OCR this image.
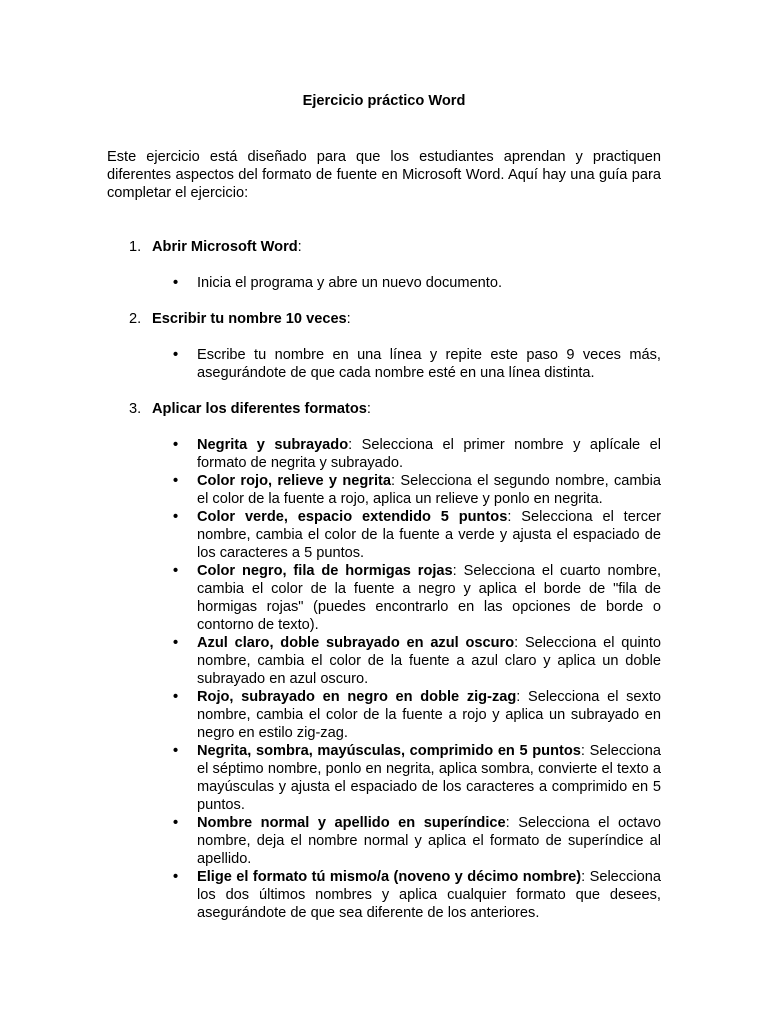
Ejercicio práctico Word

Este ejercicio está diseñado para que los estudiantes aprendan y practiquen diferentes aspectos del formato de fuente en Microsoft Word. Aquí hay una guía para completar el ejercicio:

1. Abrir Microsoft Word:

• Inicia el programa y abre un nuevo documento.

2. Escribir tu nombre 10 veces:

• Escribe tu nombre en una línea y repite este paso 9 veces más, asegurándote de que cada nombre esté en una línea distinta.

3. Aplicar los diferentes formatos:

• Negrita y subrayado: Selecciona el primer nombre y aplícale el formato de negrita y subrayado.
• Color rojo, relieve y negrita: Selecciona el segundo nombre, cambia el color de la fuente a rojo, aplica un relieve y ponlo en negrita.
• Color verde, espacio extendido 5 puntos: Selecciona el tercer nombre, cambia el color de la fuente a verde y ajusta el espaciado de los caracteres a 5 puntos.
• Color negro, fila de hormigas rojas: Selecciona el cuarto nombre, cambia el color de la fuente a negro y aplica el borde de "fila de hormigas rojas" (puedes encontrarlo en las opciones de borde o contorno de texto).
• Azul claro, doble subrayado en azul oscuro: Selecciona el quinto nombre, cambia el color de la fuente a azul claro y aplica un doble subrayado en azul oscuro.
• Rojo, subrayado en negro en doble zig-zag: Selecciona el sexto nombre, cambia el color de la fuente a rojo y aplica un subrayado en negro en estilo zig-zag.
• Negrita, sombra, mayúsculas, comprimido en 5 puntos: Selecciona el séptimo nombre, ponlo en negrita, aplica sombra, convierte el texto a mayúsculas y ajusta el espaciado de los caracteres a comprimido en 5 puntos.
• Nombre normal y apellido en superíndice: Selecciona el octavo nombre, deja el nombre normal y aplica el formato de superíndice al apellido.
• Elige el formato tú mismo/a (noveno y décimo nombre): Selecciona los dos últimos nombres y aplica cualquier formato que desees, asegurándote de que sea diferente de los anteriores.
